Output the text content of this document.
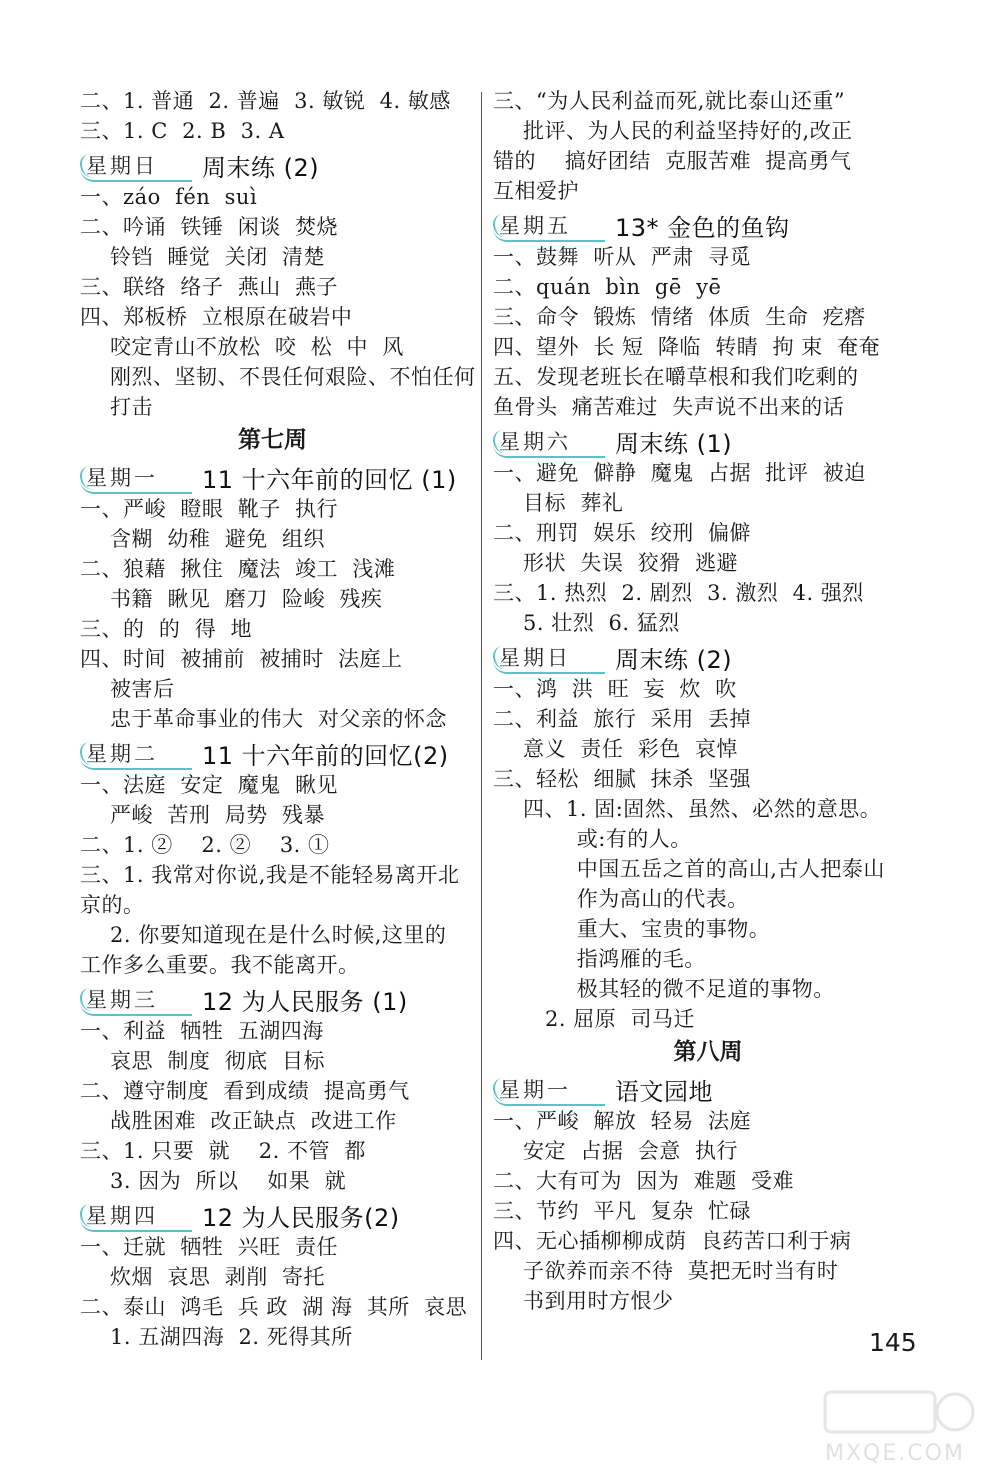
二、1. 普通  2. 普遍  3. 敏锐  4. 敏感
三、1. C  2. B  3. A
星期日 周末练 (2)
一、záo  fén  suì
二、吟诵  铁锤  闲谈  焚烧
铃铛  睡觉  关闭  清楚
三、联络  络子  燕山  燕子
四、郑板桥  立根原在破岩中
咬定青山不放松  咬  松  中  风
刚烈、坚韧、不畏任何艰险、不怕任何
打击
第七周
星期一 11 十六年前的回忆 (1)
一、严峻  瞪眼  靴子  执行
含糊  幼稚  避免  组织
二、狼藉  揪住  魔法  竣工  浅滩
书籍  瞅见  磨刀  险峻  残疾
三、的  的  得  地
四、时间  被捕前  被捕时  法庭上
被害后
忠于革命事业的伟大  对父亲的怀念
星期二 11 十六年前的回忆(2)
一、法庭  安定  魔鬼  瞅见
严峻  苦刑  局势  残暴
二、1. ②    2. ②    3. ①
三、1. 我常对你说,我是不能轻易离开北
京的。
2. 你要知道现在是什么时候,这里的
工作多么重要。我不能离开。
星期三 12 为人民服务 (1)
一、利益  牺牲  五湖四海
哀思  制度  彻底  目标
二、遵守制度  看到成绩  提高勇气
战胜困难  改正缺点  改进工作
三、1. 只要  就    2. 不管  都
3. 因为  所以    如果  就
星期四 12 为人民服务(2)
一、迁就  牺牲  兴旺  责任
炊烟  哀思  剥削  寄托
二、泰山  鸿毛  兵 政  湖 海  其所  哀思
1. 五湖四海  2. 死得其所
三、“为人民利益而死,就比泰山还重”
批评、为人民的利益坚持好的,改正
错的    搞好团结  克服苦难  提高勇气
互相爱护
星期五 13* 金色的鱼钩
一、鼓舞  听从  严肃  寻觅
二、quán  bìn  gē  yē
三、命令  锻炼  情绪  体质  生命  疙瘩
四、望外  长 短  降临  转睛  拘 束  奄奄
五、发现老班长在嚼草根和我们吃剩的
鱼骨头  痛苦难过  失声说不出来的话
星期六 周末练 (1)
一、避免  僻静  魔鬼  占据  批评  被迫
目标  葬礼
二、刑罚  娱乐  绞刑  偏僻
形状  失误  狡猾  逃避
三、1. 热烈  2. 剧烈  3. 激烈  4. 强烈
5. 壮烈  6. 猛烈
星期日 周末练 (2)
一、鸿  洪  旺  妄  炊  吹
二、利益  旅行  采用  丢掉
意义  责任  彩色  哀悼
三、轻松  细腻  抹杀  坚强
四、1. 固:固然、虽然、必然的意思。
或:有的人。
中国五岳之首的高山,古人把泰山
作为高山的代表。
重大、宝贵的事物。
指鸿雁的毛。
极其轻的微不足道的事物。
2. 屈原  司马迁
第八周
星期一 语文园地
一、严峻  解放  轻易  法庭
安定  占据  会意  执行
二、大有可为  因为  难题  受难
三、节约  平凡  复杂  忙碌
四、无心插柳柳成荫  良药苦口利于病
子欲养而亲不待  莫把无时当有时
书到用时方恨少
145
MXQE.COM
